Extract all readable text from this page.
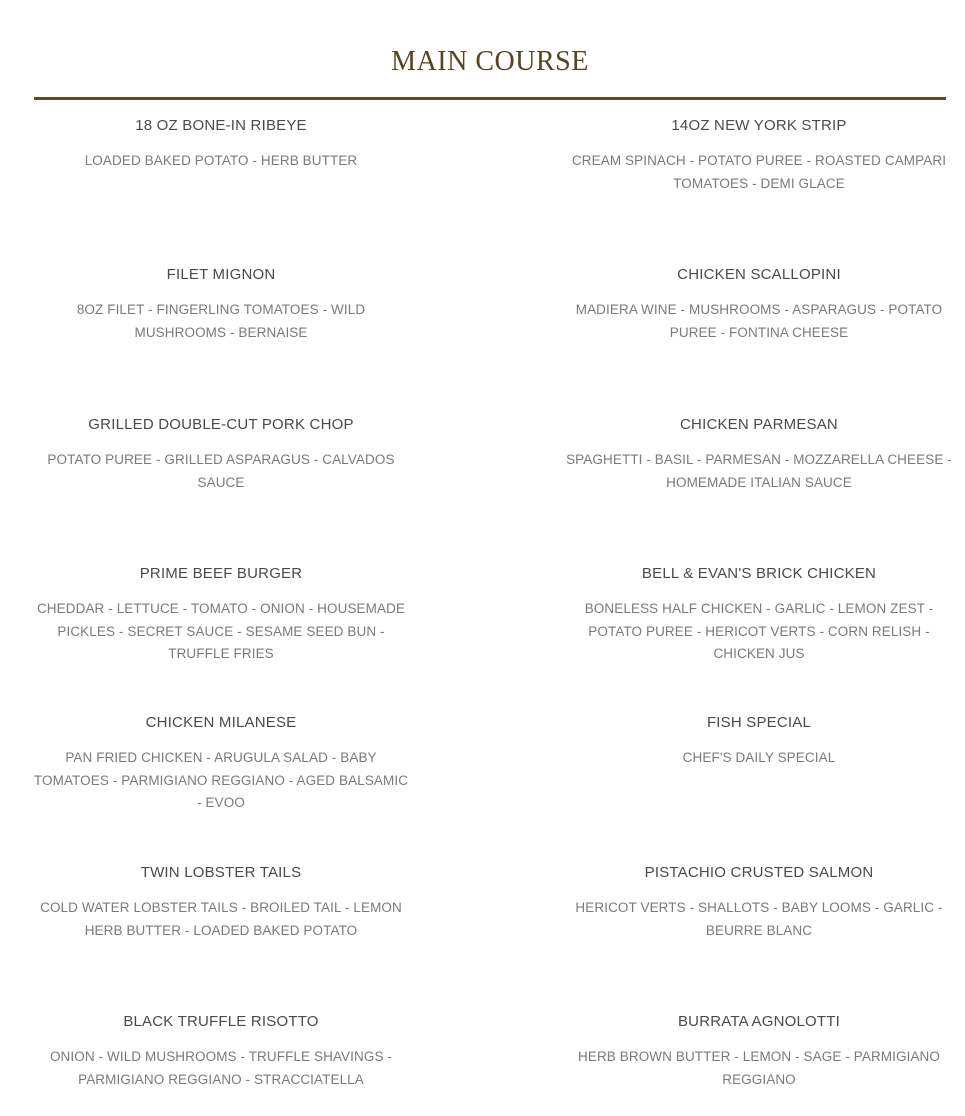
MAIN COURSE
18 OZ BONE-IN RIBEYE
LOADED BAKED POTATO - HERB BUTTER
FILET MIGNON
8OZ FILET - FINGERLING TOMATOES - WILD MUSHROOMS - BERNAISE
GRILLED DOUBLE-CUT PORK CHOP
POTATO PUREE - GRILLED ASPARAGUS - CALVADOS SAUCE
PRIME BEEF BURGER
CHEDDAR - LETTUCE - TOMATO - ONION - HOUSEMADE PICKLES - SECRET SAUCE - SESAME SEED BUN - TRUFFLE FRIES
CHICKEN MILANESE
PAN FRIED CHICKEN - ARUGULA SALAD - BABY TOMATOES - PARMIGIANO REGGIANO - AGED BALSAMIC - EVOO
TWIN LOBSTER TAILS
COLD WATER LOBSTER TAILS - BROILED TAIL - LEMON HERB BUTTER - LOADED BAKED POTATO
BLACK TRUFFLE RISOTTO
ONION - WILD MUSHROOMS - TRUFFLE SHAVINGS - PARMIGIANO REGGIANO - STRACCIATELLA
14OZ NEW YORK STRIP
CREAM SPINACH - POTATO PUREE - ROASTED CAMPARI TOMATOES - DEMI GLACE
CHICKEN SCALLOPINI
MADIERA WINE - MUSHROOMS - ASPARAGUS - POTATO PUREE - FONTINA CHEESE
CHICKEN PARMESAN
SPAGHETTI - BASIL - PARMESAN - MOZZARELLA CHEESE - HOMEMADE ITALIAN SAUCE
BELL & EVAN'S BRICK CHICKEN
BONELESS HALF CHICKEN - GARLIC - LEMON ZEST - POTATO PUREE - HERICOT VERTS - CORN RELISH - CHICKEN JUS
FISH SPECIAL
CHEF'S DAILY SPECIAL
PISTACHIO CRUSTED SALMON
HERICOT VERTS - SHALLOTS - BABY LOOMS - GARLIC - BEURRE BLANC
BURRATA AGNOLOTTI
HERB BROWN BUTTER - LEMON - SAGE - PARMIGIANO REGGIANO
